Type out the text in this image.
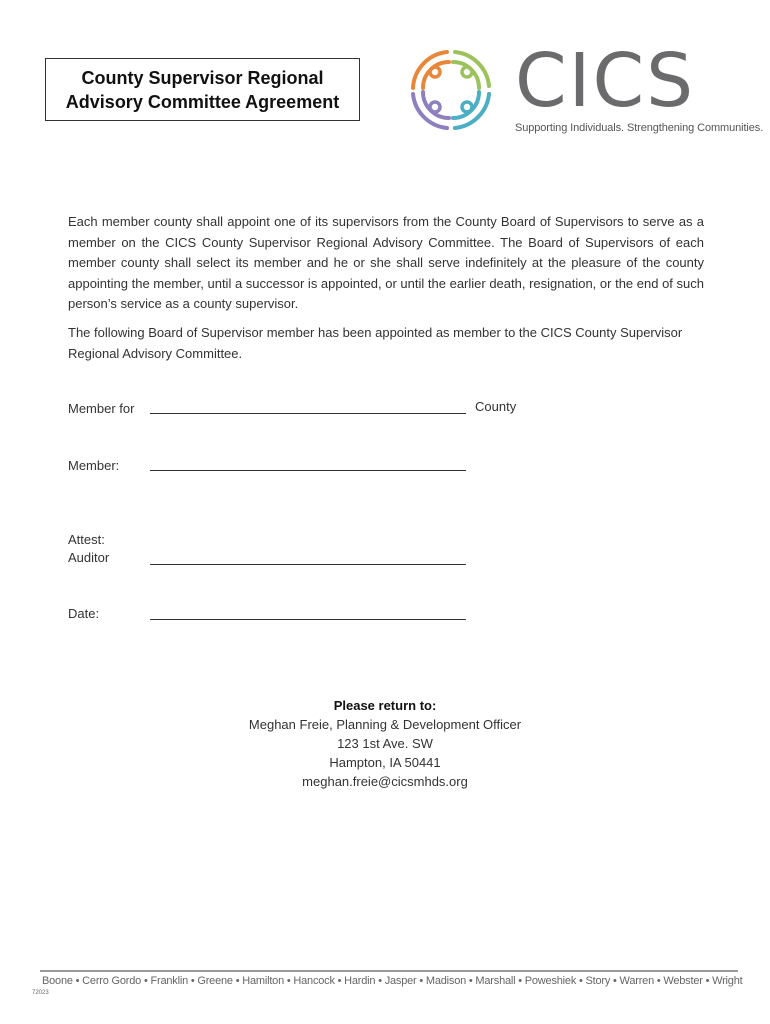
County Supervisor Regional
Advisory Committee Agreement CICS
Supporting Individuals. Strengthening Communities.
Each member county shall appoint one of its supervisors from the County Board of Supervisors to serve as a member on the CICS County Supervisor Regional Advisory Committee. The Board of Supervisors of each member county shall select its member and he or she shall serve indefinitely at the pleasure of the county appointing the member, until a successor is appointed, or until the earlier death, resignation, or the end of such person’s service as a county supervisor.
The following Board of Supervisor member has been appointed as member to the CICS County Supervisor Regional Advisory Committee.
Member for	County
Member:
Attest:
Auditor
Date:
Please return to:
Meghan Freie, Planning & Development Officer
123 1st Ave. SW
Hampton, IA 50441
meghan.freie@cicsmhds.org
Boone • Cerro Gordo • Franklin • Greene • Hamilton • Hancock • Hardin • Jasper • Madison • Marshall • Poweshiek • Story • Warren • Webster • Wright
72023
